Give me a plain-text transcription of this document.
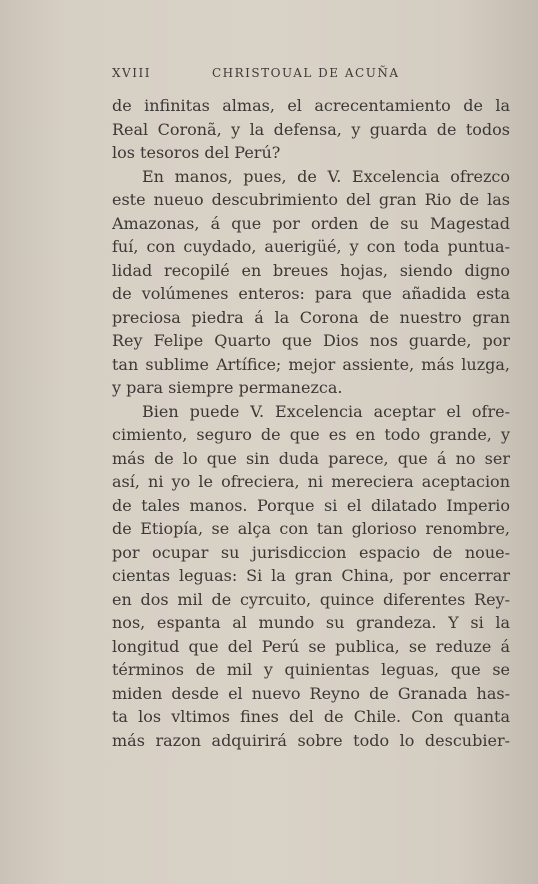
XVIII	CHRISTOUAL DE ACUÑA
de infinitas almas, el acrecentamiento de la
Real Coronã, y la defensa, y guarda de todos
los tesoros del Perú?
En manos, pues, de V. Excelencia ofrezco
este nueuo descubrimiento del gran Rio de las
Amazonas, á que por orden de su Magestad
fuí, con cuydado, auerigüé, y con toda puntua-
lidad recopilé en breues hojas, siendo digno
de volúmenes enteros: para que añadida esta
preciosa piedra á la Corona de nuestro gran
Rey Felipe Quarto que Dios nos guarde, por
tan sublime Artífice; mejor assiente, más luzga,
y para siempre permanezca.
Bien puede V. Excelencia aceptar el ofre-
cimiento, seguro de que es en todo grande, y
más de lo que sin duda parece, que á no ser
así, ni yo le ofreciera, ni mereciera aceptacion
de tales manos. Porque si el dilatado Imperio
de Etiopía, se alça con tan glorioso renombre,
por ocupar su jurisdiccion espacio de noue-
cientas leguas: Si la gran China, por encerrar
en dos mil de cyrcuito, quince diferentes Rey-
nos, espanta al mundo su grandeza. Y si la
longitud que del Perú se publica, se reduze á
términos de mil y quinientas leguas, que se
miden desde el nuevo Reyno de Granada has-
ta los vltimos fines del de Chile. Con quanta
más razon adquirirá sobre todo lo descubier-
